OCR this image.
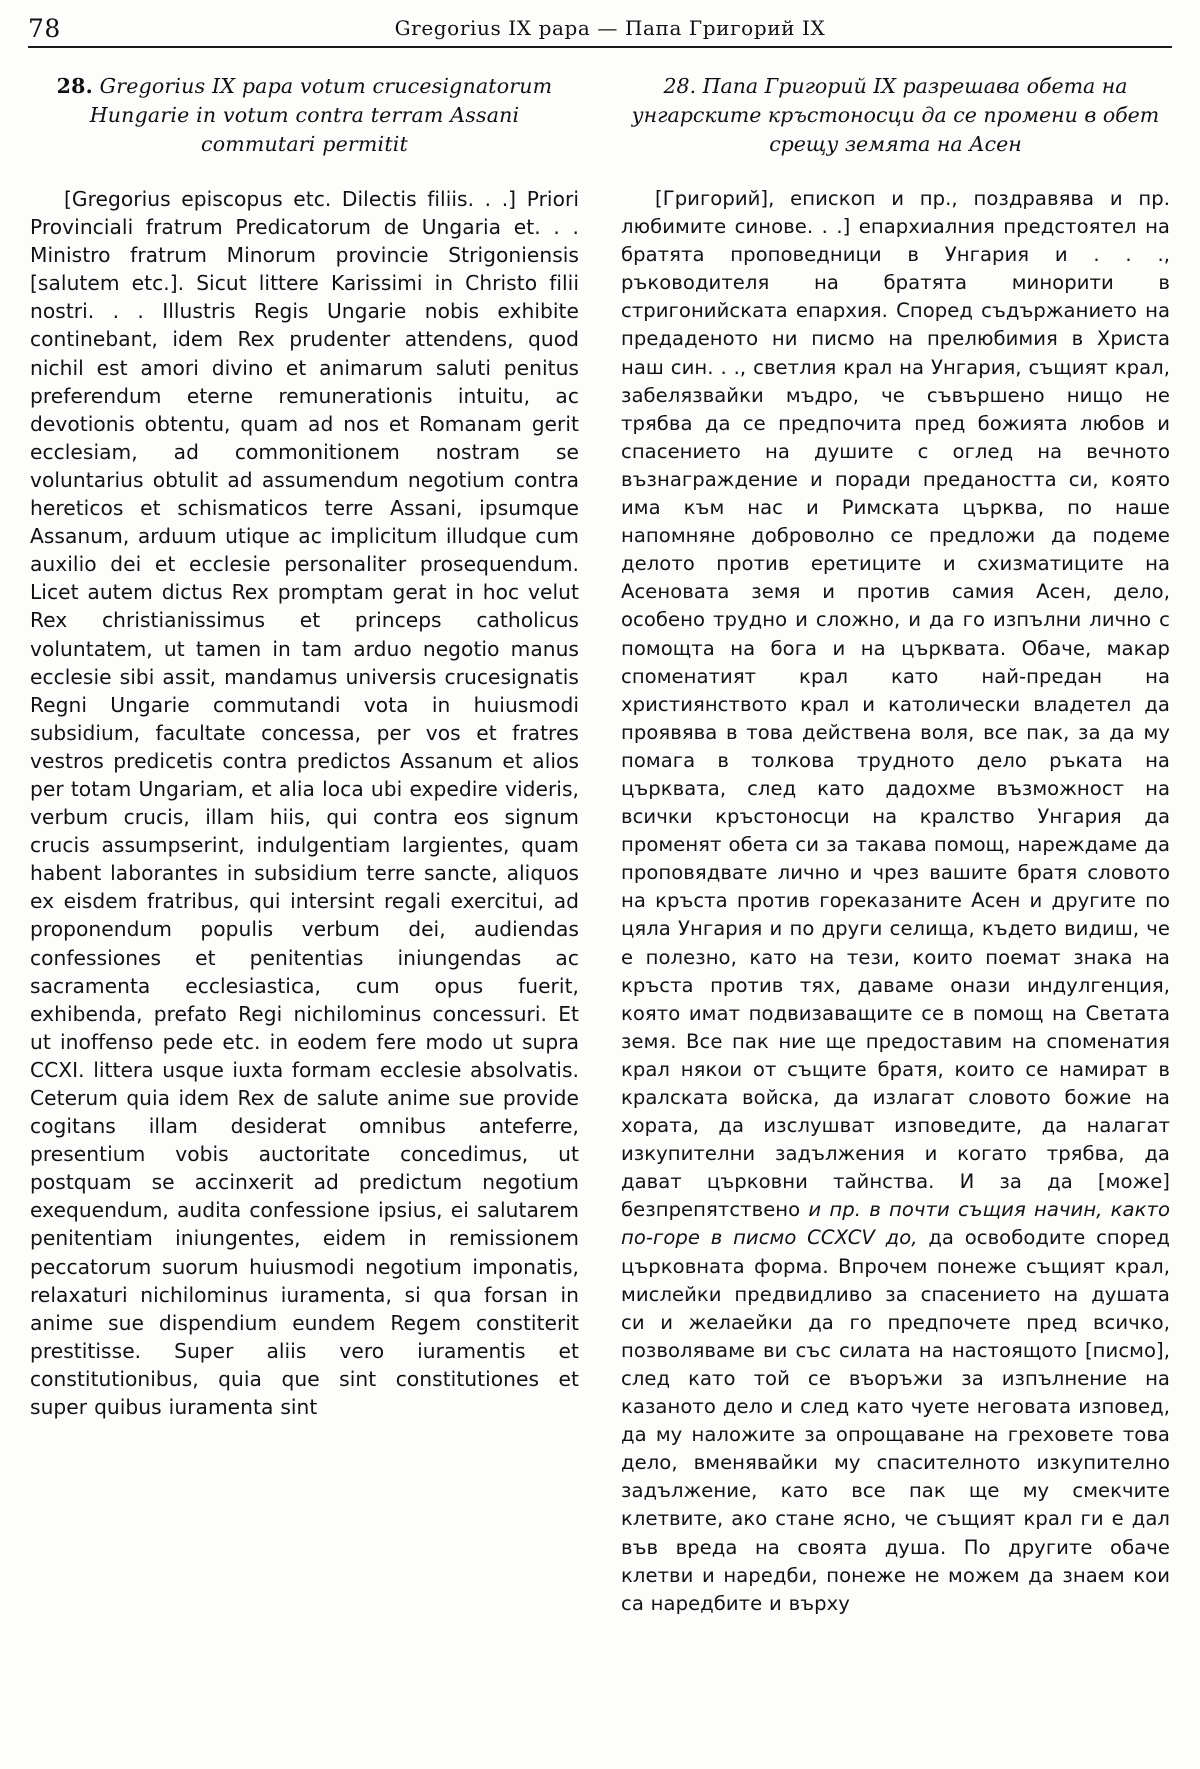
78	Gregorius IX papa — Папа Григорий IX
28. Gregorius IX papa votum crucesignatorum Hungarie in votum contra terram Assani commutari permitit
[Gregorius episcopus etc. Dilectis filiis. . .] Priori Provinciali fratrum Predicatorum de Ungaria et. . . Ministro fratrum Minorum provincie Strigoniensis [salutem etc.]. Sicut littere Karissimi in Christo filii nostri. . . Illustris Regis Ungarie nobis exhibite continebant, idem Rex prudenter attendens, quod nichil est amori divino et animarum saluti penitus preferendum eterne remunerationis intuitu, ac devotionis obtentu, quam ad nos et Romanam gerit ecclesiam, ad commonitionem nostram se voluntarius obtulit ad assumendum negotium contra hereticos et schismaticos terre Assani, ipsumque Assanum, arduum utique ac implicitum illudque cum auxilio dei et ecclesie personaliter prosequendum. Licet autem dictus Rex promptam gerat in hoc velut Rex christianissimus et princeps catholicus voluntatem, ut tamen in tam arduo negotio manus ecclesie sibi assit, mandamus universis crucesignatis Regni Ungarie commutandi vota in huiusmodi subsidium, facultate concessa, per vos et fratres vestros predicetis contra predictos Assanum et alios per totam Ungariam, et alia loca ubi expedire videris, verbum crucis, illam hiis, qui contra eos signum crucis assumpserint, indulgentiam largientes, quam habent laborantes in subsidium terre sancte, aliquos ex eisdem fratribus, qui intersint regali exercitui, ad proponendum populis verbum dei, audiendas confessiones et penitentias iniungendas ac sacramenta ecclesiastica, cum opus fuerit, exhibenda, prefato Regi nichilominus concessuri. Et ut inoffenso pede etc. in eodem fere modo ut supra CCXI. littera usque iuxta formam ecclesie absolvatis. Ceterum quia idem Rex de salute anime sue provide cogitans illam desiderat omnibus anteferre, presentium vobis auctoritate concedimus, ut postquam se accinxerit ad predictum negotium exequendum, audita confessione ipsius, ei salutarem penitentiam iniungentes, eidem in remissionem peccatorum suorum huiusmodi negotium imponatis, relaxaturi nichilominus iuramenta, si qua forsan in anime sue dispendium eundem Regem constiterit prestitisse. Super aliis vero iuramentis et constitutionibus, quia que sint constitutiones et super quibus iuramenta sint
28. Папа Григорий IX разрешава обета на унгарските кръстоносци да се промени в обет срещу земята на Асен
[Григорий], епископ и пр., поздравява и пр. любимите синове. . .] епархиалния предстоятел на братята проповедници в Унгария и . . ., ръководителя на братята минорити в стригонийската епархия. Според съдържанието на предаденото ни писмо на прелюбимия в Христа наш син. . ., светлия крал на Унгария, същият крал, забелязвайки мъдро, че съвършено нищо не трябва да се предпочита пред божията любов и спасението на душите с оглед на вечното възнаграждение и поради предаността си, която има към нас и Римската църква, по наше напомняне доброволно се предложи да подеме делото против еретиците и схизматиците на Асеновата земя и против самия Асен, дело, особено трудно и сложно, и да го изпълни лично с помощта на бога и на църквата. Обаче, макар споменатият крал като най-предан на християнството крал и католически владетел да проявява в това действена воля, все пак, за да му помага в толкова трудното дело ръката на църквата, след като дадохме възможност на всички кръстоносци на кралство Унгария да променят обета си за такава помощ, нареждаме да проповядвате лично и чрез вашите братя словото на кръста против гореказаните Асен и другите по цяла Унгария и по други селища, където видиш, че е полезно, като на тези, които поемат знака на кръста против тях, даваме онази индулгенция, която имат подвизаващите се в помощ на Светата земя. Все пак ние ще предоставим на споменатия крал някои от същите братя, които се намират в кралската войска, да излагат словото божие на хората, да изслушват изповедите, да налагат изкупителни задължения и когато трябва, да дават църковни тайнства. И за да [може] безпрепятствено и пр. в почти същия начин, както по-горе в писмо CCXCV до, да освободите според църковната форма. Впрочем понеже същият крал, мислейки предвидливо за спасението на душата си и желаейки да го предпочете пред всичко, позволяваме ви със силата на настоящото [писмо], след като той се въоръжи за изпълнение на казаното дело и след като чуете неговата изповед, да му наложите за опрощаване на греховете това дело, вменявайки му спасителното изкупително задължение, като все пак ще му смекчите клетвите, ако стане ясно, че същият крал ги е дал във вреда на своята душа. По другите обаче клетви и наредби, понеже не можем да знаем кои са наредбите и върху
